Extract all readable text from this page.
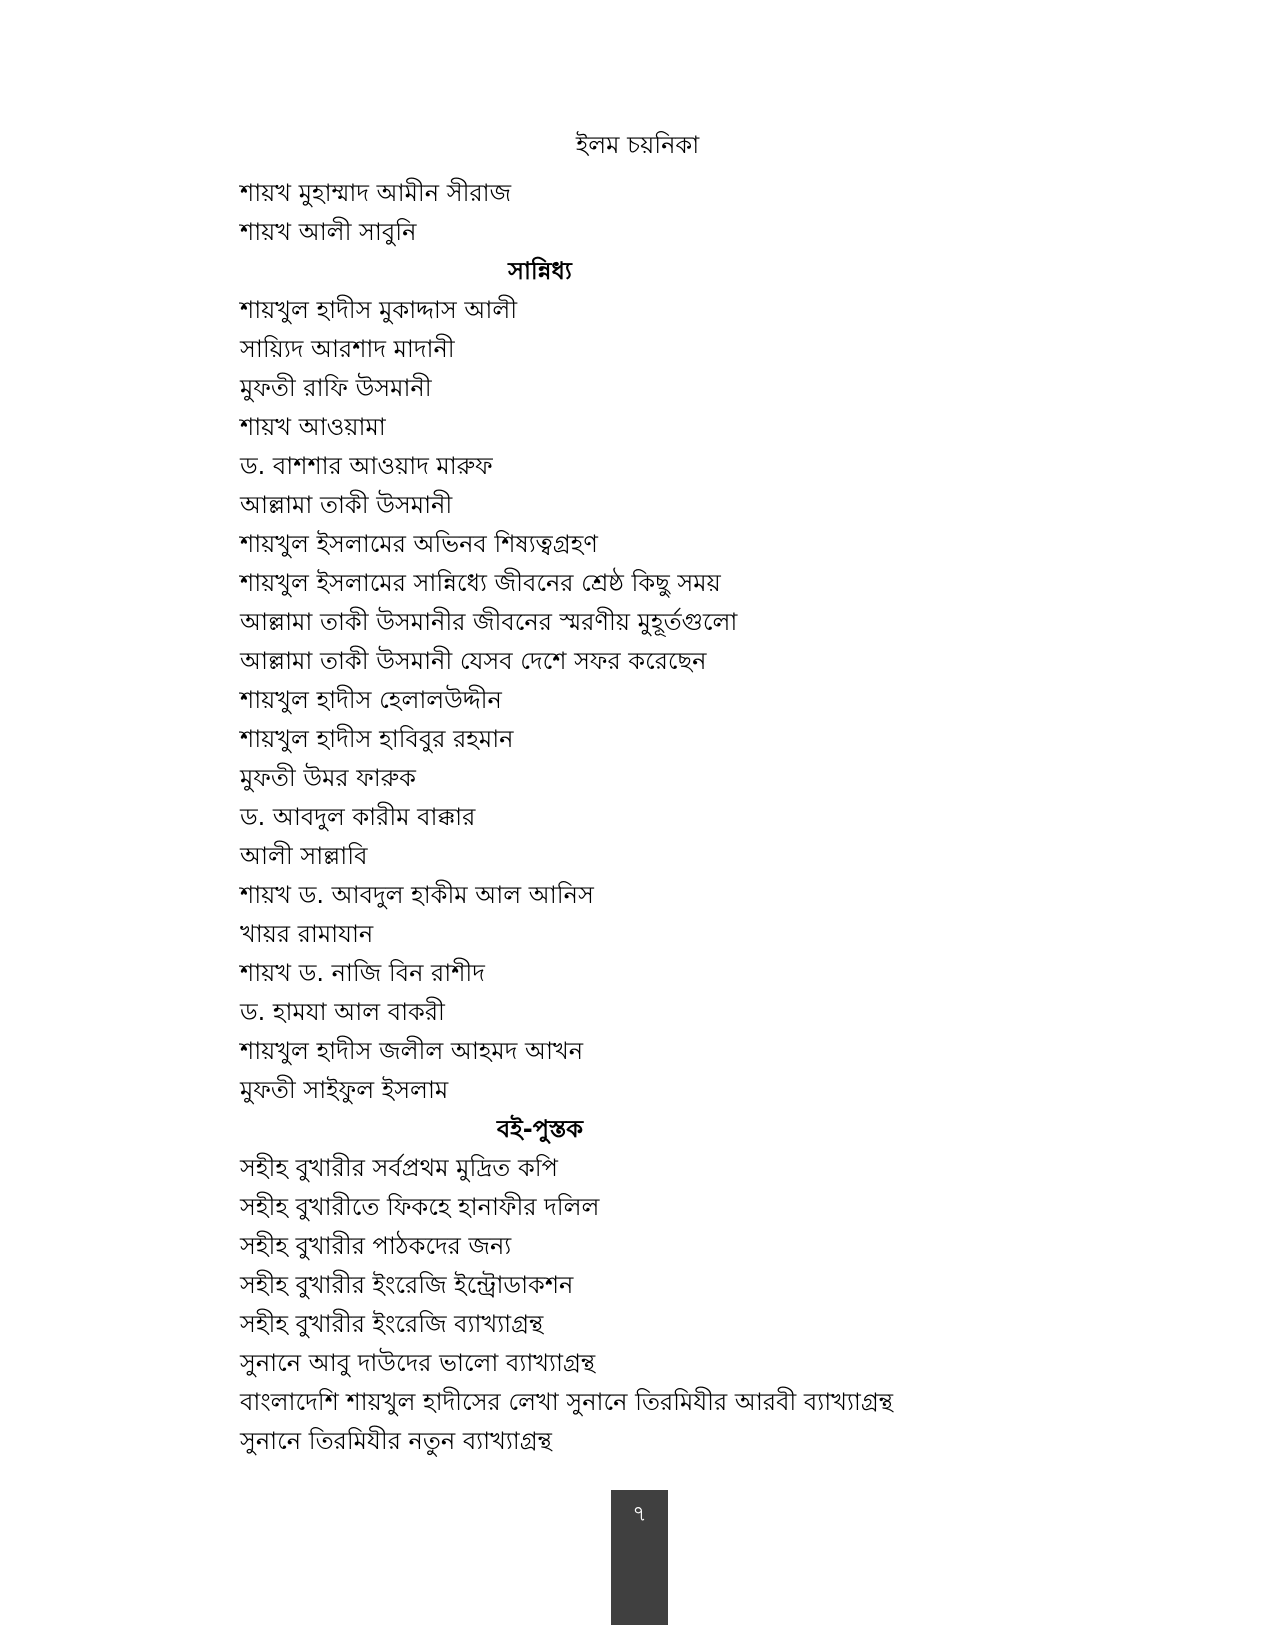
ইলম চয়নিকা
শায়খ মুহাম্মাদ আমীন সীরাজ
শায়খ আলী সাবুনি
সান্নিধ্য
শায়খুল হাদীস মুকাদ্দাস আলী
সায়্যিদ আরশাদ মাদানী
মুফতী রাফি উসমানী
শায়খ আওয়ামা
ড. বাশশার আওয়াদ মারুফ
আল্লামা তাকী উসমানী
শায়খুল ইসলামের অভিনব শিষ্যত্বগ্রহণ
শায়খুল ইসলামের সান্নিধ্যে জীবনের শ্রেষ্ঠ কিছু সময়
আল্লামা তাকী উসমানীর জীবনের স্মরণীয় মুহূর্তগুলো
আল্লামা তাকী উসমানী যেসব দেশে সফর করেছেন
শায়খুল হাদীস হেলালউদ্দীন
শায়খুল হাদীস হাবিবুর রহমান
মুফতী উমর ফারুক
ড. আবদুল কারীম বাক্কার
আলী সাল্লাবি
শায়খ ড. আবদুল হাকীম আল আনিস
খায়র রামাযান
শায়খ ড. নাজি বিন রাশীদ
ড. হামযা আল বাকরী
শায়খুল হাদীস জলীল আহমদ আখন
মুফতী সাইফুল ইসলাম
বই-পুস্তক
সহীহ বুখারীর সর্বপ্রথম মুদ্রিত কপি
সহীহ বুখারীতে ফিকহে হানাফীর দলিল
সহীহ বুখারীর পাঠকদের জন্য
সহীহ বুখারীর ইংরেজি ইন্ট্রোডাকশন
সহীহ বুখারীর ইংরেজি ব্যাখ্যাগ্রন্থ
সুনানে আবু দাউদের ভালো ব্যাখ্যাগ্রন্থ
বাংলাদেশি শায়খুল হাদীসের লেখা সুনানে তিরমিযীর আরবী ব্যাখ্যাগ্রন্থ
সুনানে তিরমিযীর নতুন ব্যাখ্যাগ্রন্থ
৭
